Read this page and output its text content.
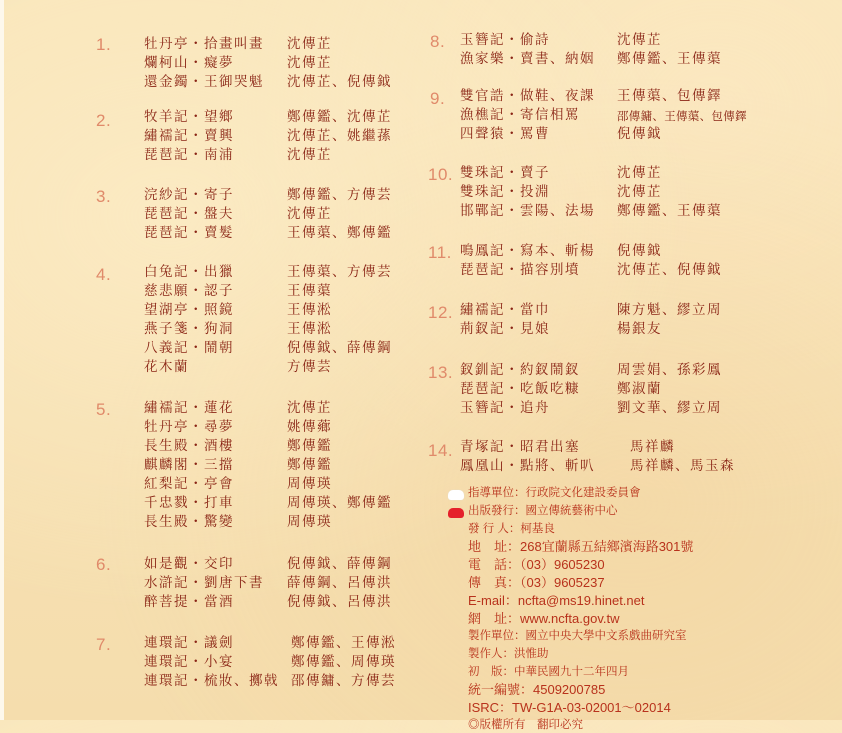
1. 牡丹亭・拾畫叫畫 沈傳芷
爛柯山・癡夢	沈傳芷
還金鐲・王御哭魁 沈傳芷、倪傳鉞
2. 牧羊記・望鄉	鄭傳鑑、沈傳芷
繡襦記・賣興	沈傳芷、姚繼蓀
琵琶記・南浦	沈傳芷
3. 浣紗記・寄子	鄭傳鑑、方傳芸
琵琶記・盤夫	沈傳芷
琵琶記・賣髮	王傳蕖、鄭傳鑑
4. 白兔記・出獵	王傳蕖、方傳芸
慈悲願・認子	王傳蕖
望湖亭・照鏡	王傳淞
燕子箋・狗洞	王傳淞
八義記・鬧朝	倪傳鉞、薛傳鋼
花木蘭	方傳芸
5. 繡襦記・蓮花	沈傳芷
牡丹亭・尋夢	姚傳薌
長生殿・酒樓	鄭傳鑑
麒麟閣・三擋	鄭傳鑑
紅梨記・亭會	周傳瑛
千忠戮・打車	周傳瑛、鄭傳鑑
長生殿・驚變	周傳瑛
6. 如是觀・交印	倪傳鉞、薛傳鋼
水滸記・劉唐下書 薛傳鋼、呂傳洪
醉菩提・當酒	倪傳鉞、呂傳洪
7. 連環記・議劍	鄭傳鑑、王傳淞
連環記・小宴	鄭傳鑑、周傳瑛
連環記・梳妝、擲戟 邵傳鏞、方傳芸
8. 玉簪記・偷詩	沈傳芷
漁家樂・賣書、納姻 鄭傳鑑、王傳蕖
9. 雙官誥・做鞋、夜課 王傳蕖、包傳鐸
漁樵記・寄信相罵	邵傳鏞、王傳蕖、包傳鐸
四聲猿・罵曹	倪傳鉞
10. 雙珠記・賣子	沈傳芷
雙珠記・投淵	沈傳芷
邯鄲記・雲陽、法場 鄭傳鑑、王傳蕖
11. 鳴鳳記・寫本、斬楊 倪傳鉞
琵琶記・描容別墳	沈傳芷、倪傳鉞
12. 繡襦記・當巾	陳方魁、繆立周
荊釵記・見娘	楊銀友
13. 釵釧記・約釵鬧釵	周雲娟、孫彩鳳
琵琶記・吃飯吃糠	鄭淑蘭
玉簪記・追舟	劉文華、繆立周
14. 青塚記・昭君出塞	馬祥麟
鳳凰山・點將、斬叭	馬祥麟、馬玉森
指導單位：行政院文化建設委員會
出版發行：國立傳統藝術中心
發 行 人：柯基良
地　址：268宜蘭縣五結鄉濱海路301號
電　話：（03）9605230
傳　真：（03）9605237
E-mail：ncfta@ms19.hinet.net
網　址：www.ncfta.gov.tw
製作單位：國立中央大學中文系戲曲研究室
製作人：洪惟助
初　版：中華民國九十二年四月
統一編號：4509200785
ISRC：TW-G1A-03-02001～02014
◎版權所有　翻印必究
